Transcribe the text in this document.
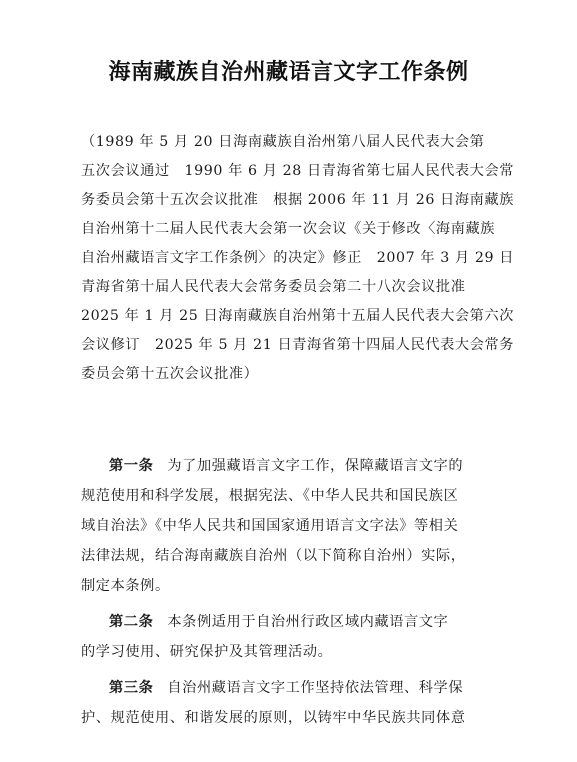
海南藏族自治州藏语言文字工作条例
（1989 年 5 月 20 日海南藏族自治州第八届人民代表大会第
五次会议通过　1990 年 6 月 28 日青海省第七届人民代表大会常
务委员会第十五次会议批准　根据 2006 年 11 月 26 日海南藏族
自治州第十二届人民代表大会第一次会议《关于修改〈海南藏族
自治州藏语言文字工作条例〉的决定》修正　2007 年 3 月 29 日
青海省第十届人民代表大会常务委员会第二十八次会议批准
2025 年 1 月 25 日海南藏族自治州第十五届人民代表大会第六次
会议修订　2025 年 5 月 21 日青海省第十四届人民代表大会常务
委员会第十五次会议批准）
第一条 为了加强藏语言文字工作，保障藏语言文字的
规范使用和科学发展，根据宪法、《中华人民共和国民族区
域自治法》《中华人民共和国国家通用语言文字法》等相关
法律法规，结合海南藏族自治州（以下简称自治州）实际，
制定本条例。
第二条 本条例适用于自治州行政区域内藏语言文字
的学习使用、研究保护及其管理活动。
第三条 自治州藏语言文字工作坚持依法管理、科学保
护、规范使用、和谐发展的原则，以铸牢中华民族共同体意
